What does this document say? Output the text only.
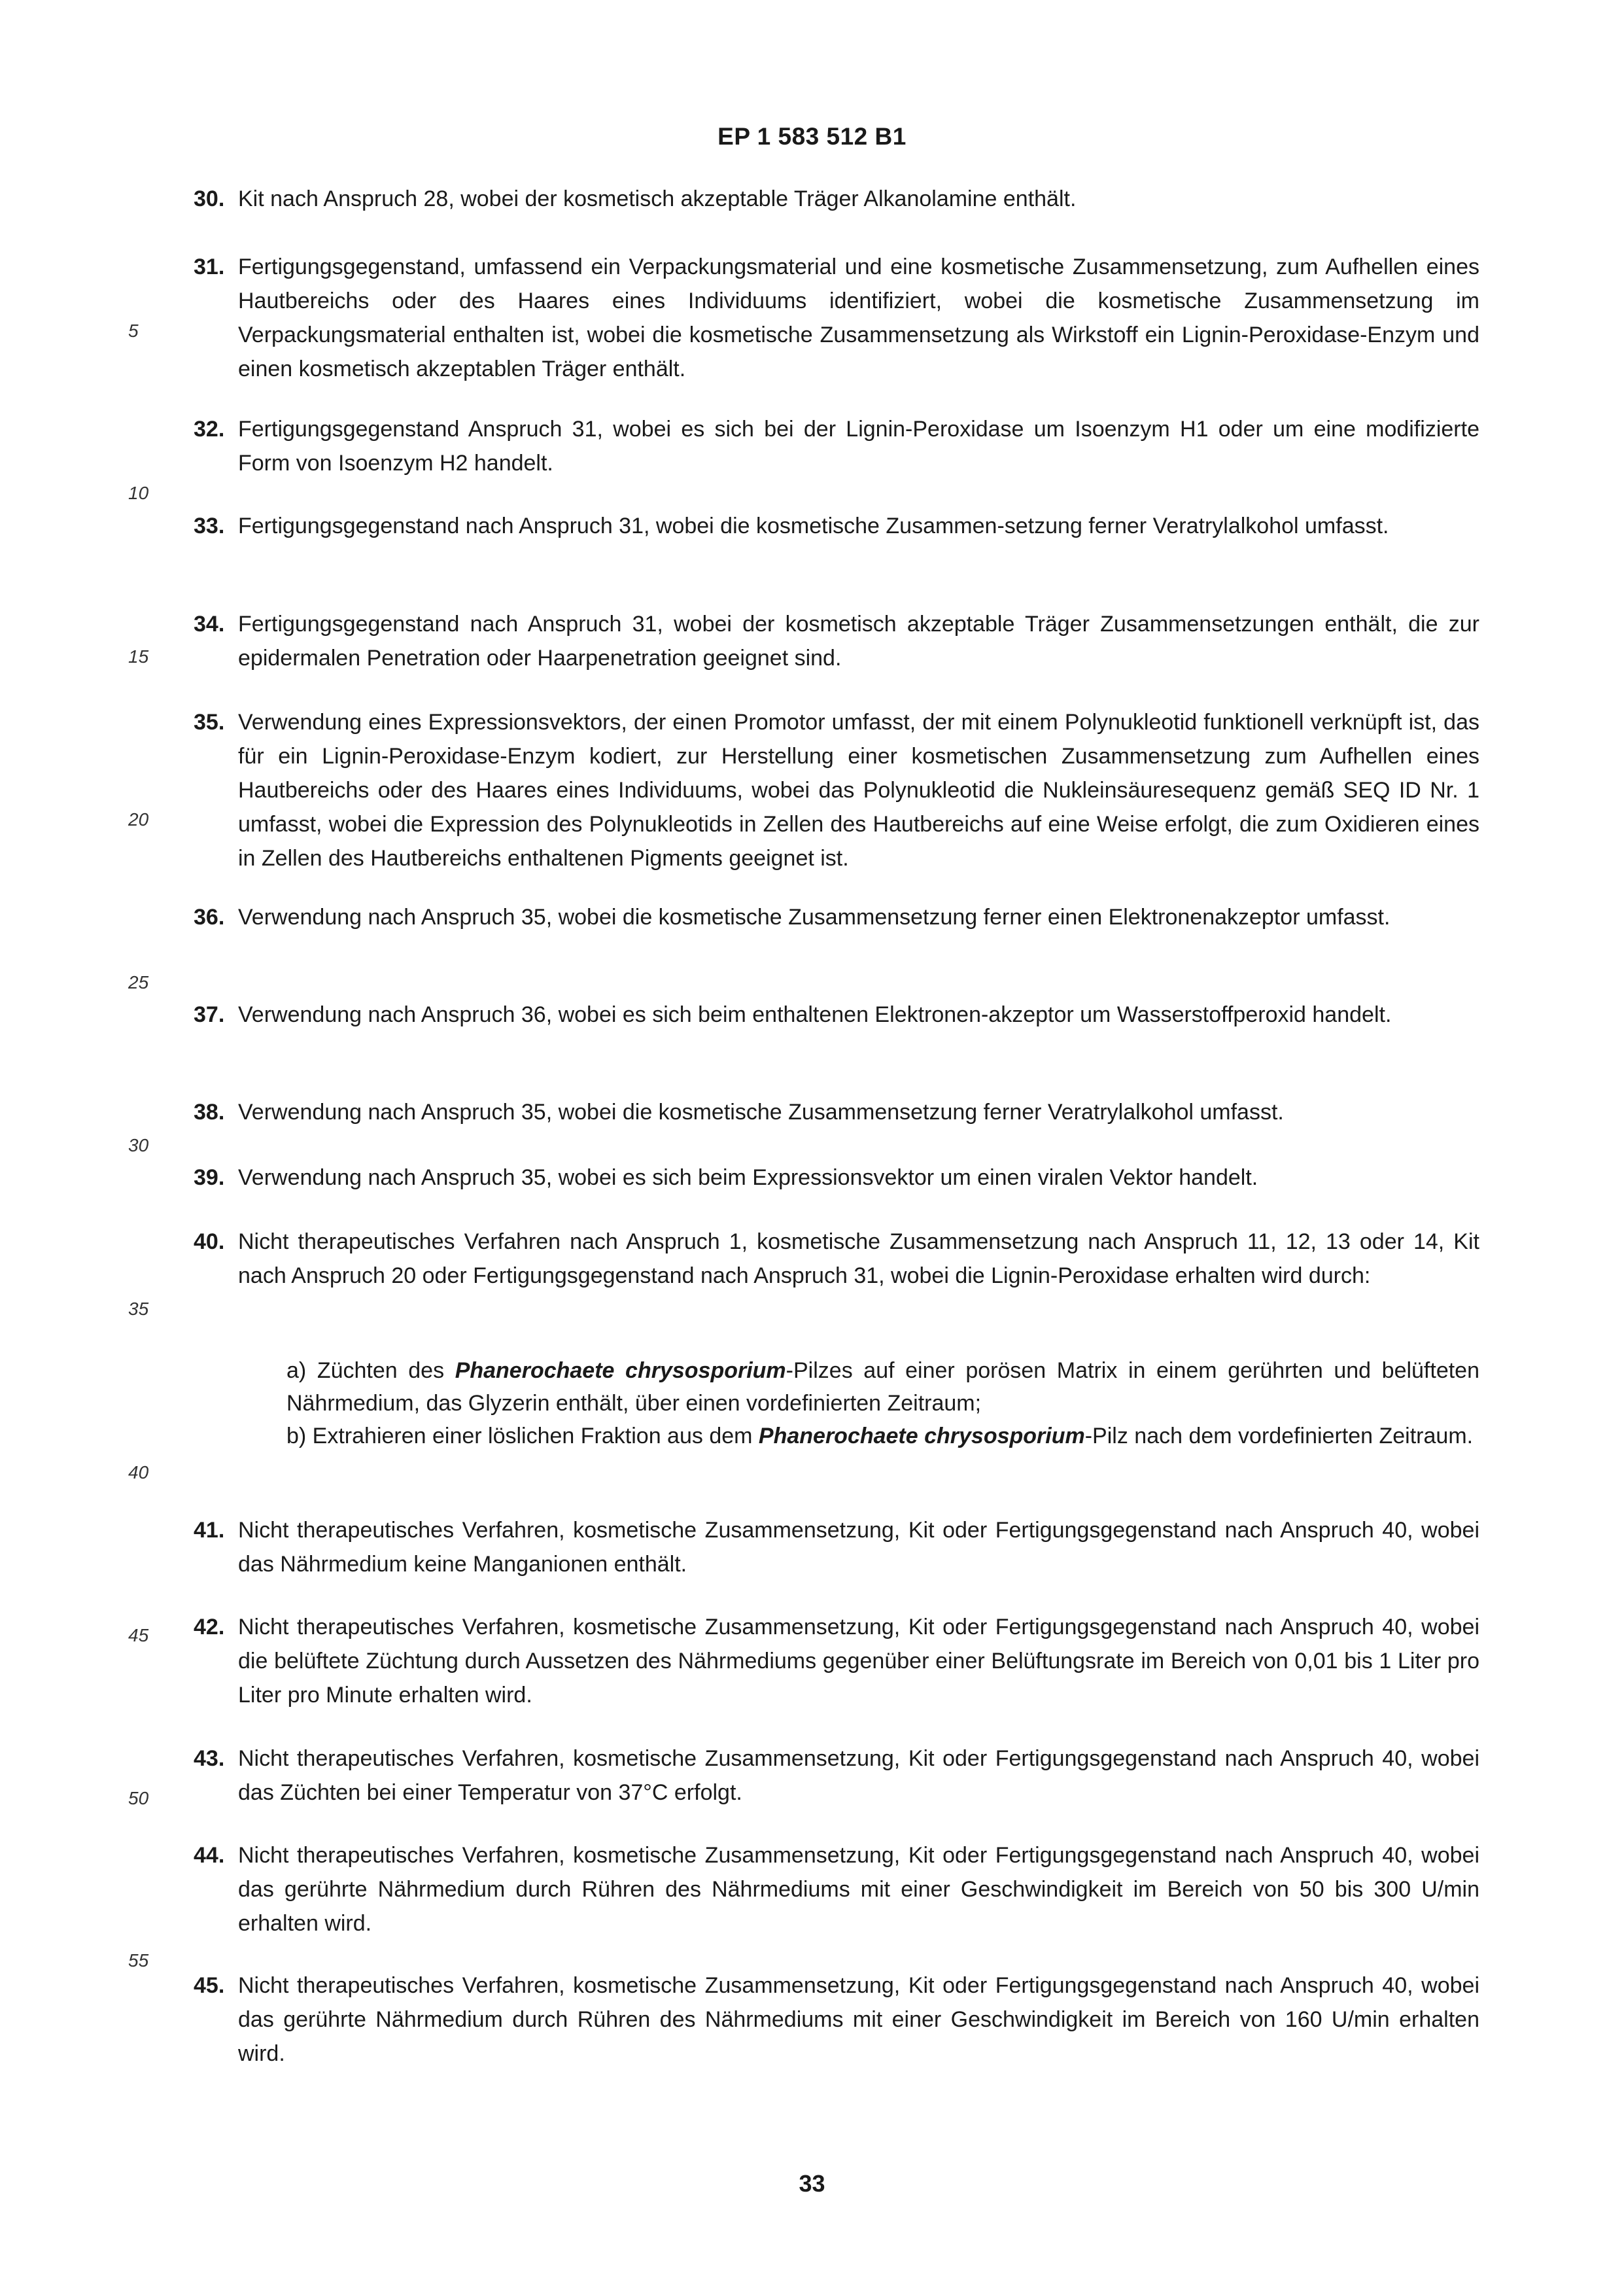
EP 1 583 512 B1
5
10
15
20
25
30
35
40
45
50
55
30. Kit nach Anspruch 28, wobei der kosmetisch akzeptable Träger Alkanolamine enthält.
31. Fertigungsgegenstand, umfassend ein Verpackungsmaterial und eine kosmetische Zusammensetzung, zum Aufhellen eines Hautbereichs oder des Haares eines Individuums identifiziert, wobei die kosmetische Zusammensetzung im Verpackungsmaterial enthalten ist, wobei die kosmetische Zusammensetzung als Wirkstoff ein Lignin-Peroxidase-Enzym und einen kosmetisch akzeptablen Träger enthält.
32. Fertigungsgegenstand Anspruch 31, wobei es sich bei der Lignin-Peroxidase um Isoenzym H1 oder um eine modifizierte Form von Isoenzym H2 handelt.
33. Fertigungsgegenstand nach Anspruch 31, wobei die kosmetische Zusammen-setzung ferner Veratrylalkohol umfasst.
34. Fertigungsgegenstand nach Anspruch 31, wobei der kosmetisch akzeptable Träger Zusammensetzungen enthält, die zur epidermalen Penetration oder Haarpenetration geeignet sind.
35. Verwendung eines Expressionsvektors, der einen Promotor umfasst, der mit einem Polynukleotid funktionell verknüpft ist, das für ein Lignin-Peroxidase-Enzym kodiert, zur Herstellung einer kosmetischen Zusammensetzung zum Aufhellen eines Hautbereichs oder des Haares eines Individuums, wobei das Polynukleotid die Nukleinsäuresequenz gemäß SEQ ID Nr. 1 umfasst, wobei die Expression des Polynukleotids in Zellen des Hautbereichs auf eine Weise erfolgt, die zum Oxidieren eines in Zellen des Hautbereichs enthaltenen Pigments geeignet ist.
36. Verwendung nach Anspruch 35, wobei die kosmetische Zusammensetzung ferner einen Elektronenakzeptor umfasst.
37. Verwendung nach Anspruch 36, wobei es sich beim enthaltenen Elektronen-akzeptor um Wasserstoffperoxid handelt.
38. Verwendung nach Anspruch 35, wobei die kosmetische Zusammensetzung ferner Veratrylalkohol umfasst.
39. Verwendung nach Anspruch 35, wobei es sich beim Expressionsvektor um einen viralen Vektor handelt.
40. Nicht therapeutisches Verfahren nach Anspruch 1, kosmetische Zusammensetzung nach Anspruch 11, 12, 13 oder 14, Kit nach Anspruch 20 oder Fertigungsgegenstand nach Anspruch 31, wobei die Lignin-Peroxidase erhalten wird durch:

a) Züchten des Phanerochaete chrysosporium-Pilzes auf einer porösen Matrix in einem gerührten und belüfteten Nährmedium, das Glyzerin enthält, über einen vordefinierten Zeitraum;

b) Extrahieren einer löslichen Fraktion aus dem Phanerochaete chrysosporium-Pilz nach dem vordefinierten Zeitraum.

41. Nicht therapeutisches Verfahren, kosmetische Zusammensetzung, Kit oder Fertigungsgegenstand nach Anspruch 40, wobei das Nährmedium keine Manganionen enthält.
42. Nicht therapeutisches Verfahren, kosmetische Zusammensetzung, Kit oder Fertigungsgegenstand nach Anspruch 40, wobei die belüftete Züchtung durch Aussetzen des Nährmediums gegenüber einer Belüftungsrate im Bereich von 0,01 bis 1 Liter pro Liter pro Minute erhalten wird.
43. Nicht therapeutisches Verfahren, kosmetische Zusammensetzung, Kit oder Fertigungsgegenstand nach Anspruch 40, wobei das Züchten bei einer Temperatur von 37°C erfolgt.
44. Nicht therapeutisches Verfahren, kosmetische Zusammensetzung, Kit oder Fertigungsgegenstand nach Anspruch 40, wobei das gerührte Nährmedium durch Rühren des Nährmediums mit einer Geschwindigkeit im Bereich von 50 bis 300 U/min erhalten wird.
45. Nicht therapeutisches Verfahren, kosmetische Zusammensetzung, Kit oder Fertigungsgegenstand nach Anspruch 40, wobei das gerührte Nährmedium durch Rühren des Nährmediums mit einer Geschwindigkeit im Bereich von 160 U/min erhalten wird.
33
